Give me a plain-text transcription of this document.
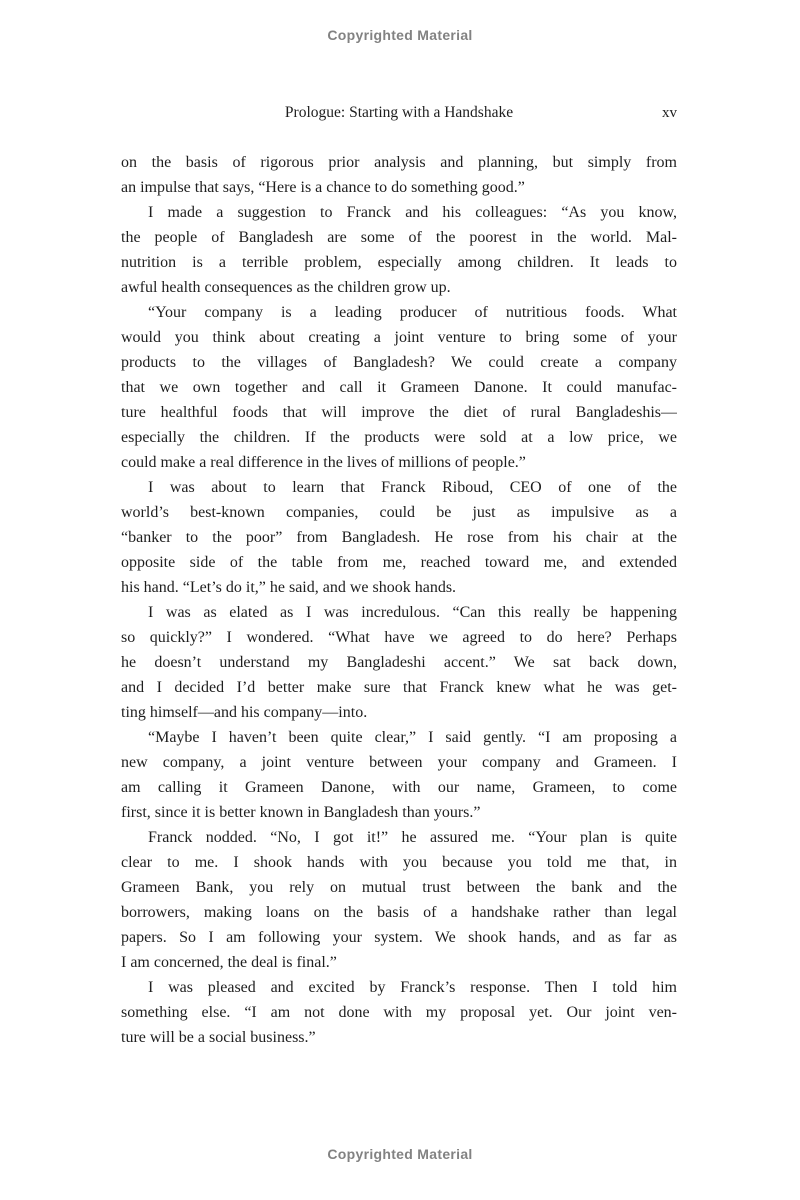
Copyrighted Material
Prologue: Starting with a Handshake	xv
on the basis of rigorous prior analysis and planning, but simply from
an impulse that says, “Here is a chance to do something good.”
I made a suggestion to Franck and his colleagues: “As you know,
the people of Bangladesh are some of the poorest in the world. Mal-
nutrition is a terrible problem, especially among children. It leads to
awful health consequences as the children grow up.
“Your company is a leading producer of nutritious foods. What
would you think about creating a joint venture to bring some of your
products to the villages of Bangladesh? We could create a company
that we own together and call it Grameen Danone. It could manufac-
ture healthful foods that will improve the diet of rural Bangladeshis—
especially the children. If the products were sold at a low price, we
could make a real difference in the lives of millions of people.”
I was about to learn that Franck Riboud, CEO of one of the
world’s best-known companies, could be just as impulsive as a
“banker to the poor” from Bangladesh. He rose from his chair at the
opposite side of the table from me, reached toward me, and extended
his hand. “Let’s do it,” he said, and we shook hands.
I was as elated as I was incredulous. “Can this really be happening
so quickly?” I wondered. “What have we agreed to do here? Perhaps
he doesn’t understand my Bangladeshi accent.” We sat back down,
and I decided I’d better make sure that Franck knew what he was get-
ting himself—and his company—into.
“Maybe I haven’t been quite clear,” I said gently. “I am proposing a
new company, a joint venture between your company and Grameen. I
am calling it Grameen Danone, with our name, Grameen, to come
first, since it is better known in Bangladesh than yours.”
Franck nodded. “No, I got it!” he assured me. “Your plan is quite
clear to me. I shook hands with you because you told me that, in
Grameen Bank, you rely on mutual trust between the bank and the
borrowers, making loans on the basis of a handshake rather than legal
papers. So I am following your system. We shook hands, and as far as
I am concerned, the deal is final.”
I was pleased and excited by Franck’s response. Then I told him
something else. “I am not done with my proposal yet. Our joint ven-
ture will be a social business.”
Copyrighted Material
